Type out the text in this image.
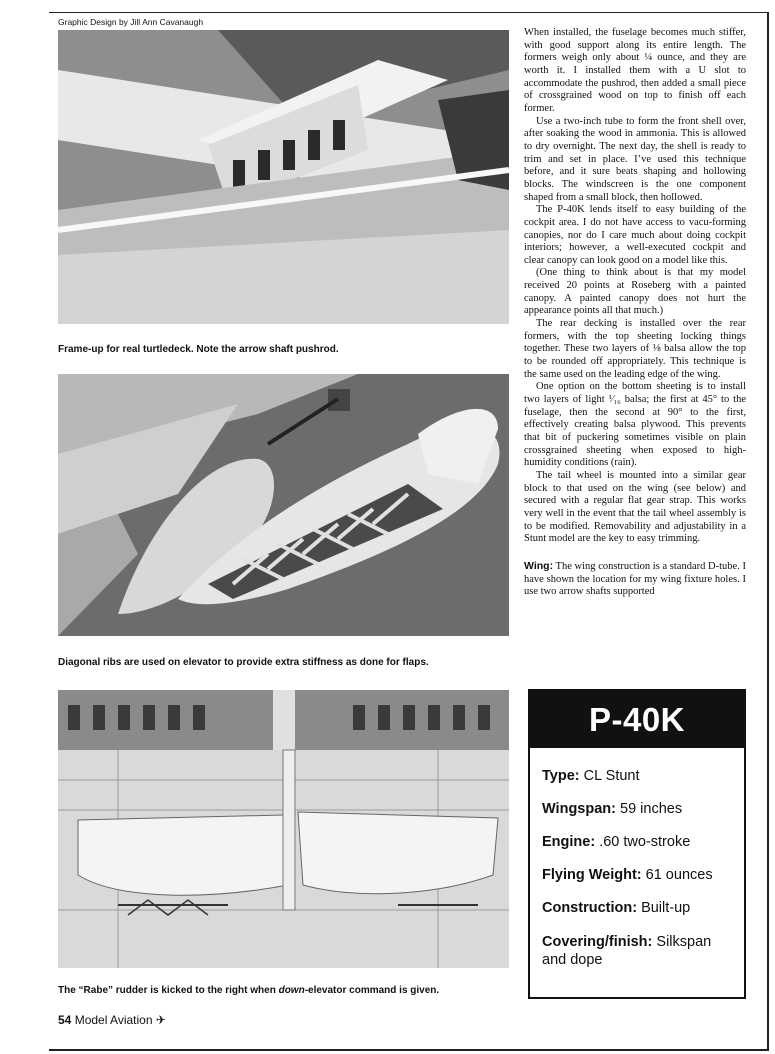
Graphic Design by Jill Ann Cavanaugh
Frame-up for real turtledeck. Note the arrow shaft pushrod.
Diagonal ribs are used on elevator to provide extra stiffness as done for flaps.
The “Rabe” rudder is kicked to the right when down-elevator command is given.

When installed, the fuselage becomes much stiffer, with good support along its entire length. The formers weigh only about ¼ ounce, and they are worth it. I installed them with a U slot to accommodate the pushrod, then added a small piece of crossgrained wood on top to finish off each former.

Use a two-inch tube to form the front shell over, after soaking the wood in ammonia. This is allowed to dry overnight. The next day, the shell is ready to trim and set in place. I’ve used this technique before, and it sure beats shaping and hollowing blocks. The windscreen is the one component shaped from a small block, then hollowed.

The P-40K lends itself to easy building of the cockpit area. I do not have access to vacu-forming canopies, nor do I care much about doing cockpit interiors; however, a well-executed cockpit and clear canopy can look good on a model like this.

(One thing to think about is that my model received 20 points at Roseberg with a painted canopy. A painted canopy does not hurt the appearance points all that much.)

The rear decking is installed over the rear formers, with the top sheeting locking things together. These two layers of ⅛ balsa allow the top to be rounded off appropriately. This technique is the same used on the leading edge of the wing.

One option on the bottom sheeting is to install two layers of light ¹⁄₁₆ balsa; the first at 45° to the fuselage, then the second at 90° to the first, effectively creating balsa plywood. This prevents that bit of puckering sometimes visible on plain crossgrained sheeting when exposed to high-humidity conditions (rain).

The tail wheel is mounted into a similar gear block to that used on the wing (see below) and secured with a regular flat gear strap. This works very well in the event that the tail wheel assembly is to be modified. Removability and adjustability in a Stunt model are the key to easy trimming.

Wing: The wing construction is a standard D-tube. I have shown the location for my wing fixture holes. I use two arrow shafts supported

P-40K
Type: CL Stunt
Wingspan: 59 inches
Engine: .60 two-stroke
Flying Weight: 61 ounces
Construction: Built-up
Covering/finish: Silkspan and dope
54 Model Aviation ✈
